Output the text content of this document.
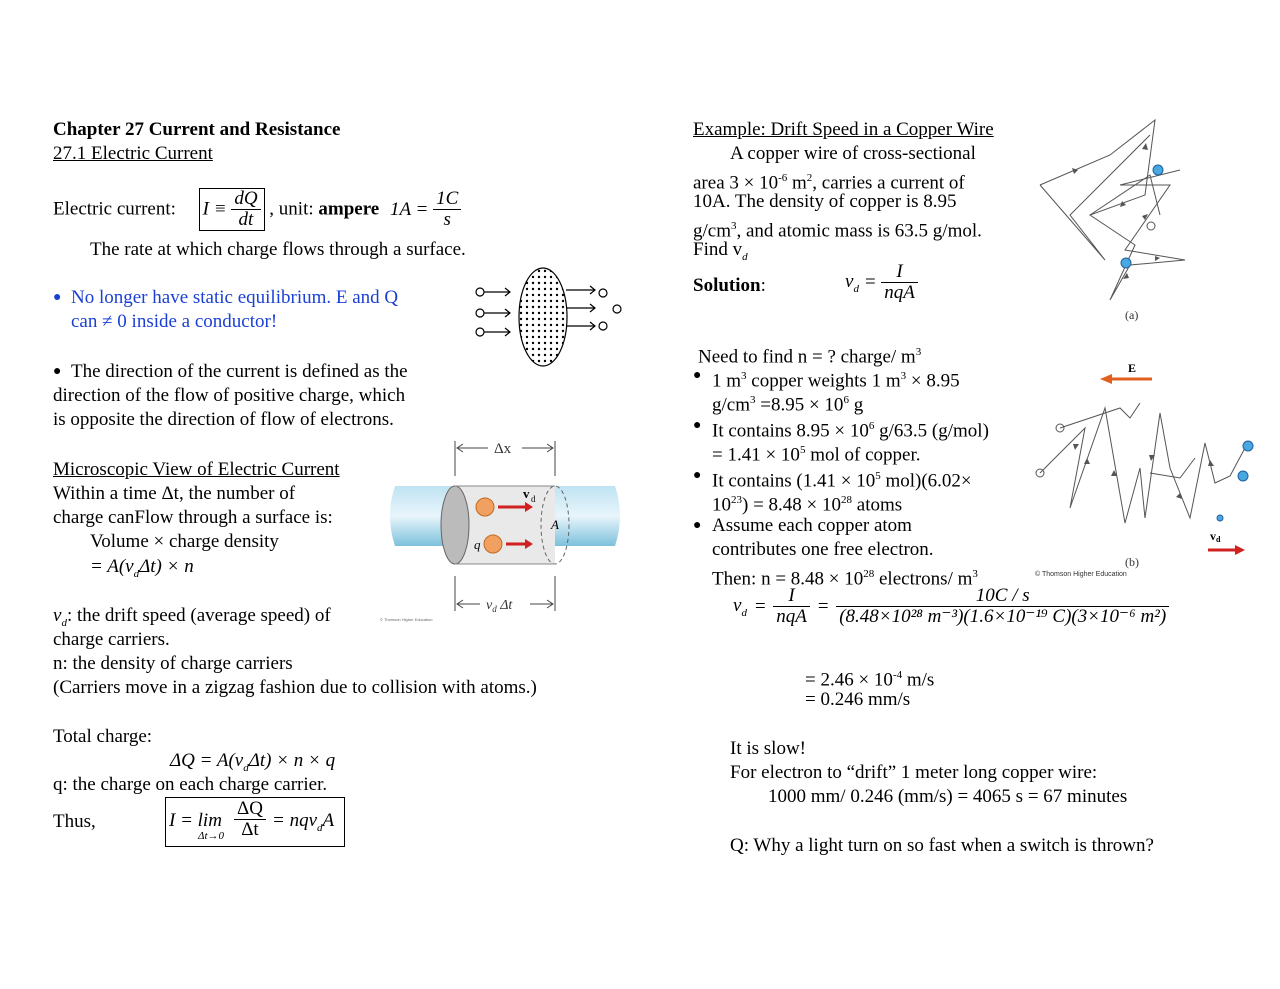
Chapter 27 Current and Resistance
27.1 Electric Current
Electric current: $I \equiv \frac{dQ}{dt}$ , unit: ampere $1A = \frac{1C}{s}$
The rate at which charge flows through a surface.
● No longer have static equilibrium. E and Q
can ≠ 0 inside a conductor!
● The direction of the current is defined as the
direction of the flow of positive charge, which
is opposite the direction of flow of electrons.
Microscopic View of Electric Current
Within a time Δt, the number of
charge canFlow through a surface is:
Volume × charge density
= $A(v_d\Delta t) \times n$
Δx
v d
A
q
$v_d$ Δt
© Thomson Higher Education
$v_d$: the drift speed (average speed) of
charge carriers.
n: the density of charge carriers
(Carriers move in a zigzag fashion due to collision with atoms.)
Total charge:
$\Delta Q = A(v_d\Delta t) \times n \times q$
q: the charge on each charge carrier.
Thus,	I = lim
$\Delta t\to 0 \frac{\Delta Q}{\Delta t} = nqv_dA$
Example: Drift Speed in a Copper Wire
A copper wire of cross-sectional
area $3 \times 10^{-6}$ $m^2$, carries a current of
10A. The density of copper is 8.95
$g/cm^3$, and atomic mass is 63.5 g/mol.
Find $v_d$
Solution:	$v_d = \frac{I}{\text{nqA}}$
Need to find n = ? charge/ $m^3$
● 1 $m^3$ copper weights 1 $m^3 \times 8.95$
$g/cm^3 =8.95 \times 10^6$ g
● It contains $8.95 \times 10^6$ g/63.5 (g/mol)
= $1.41 \times 10^5$ mol of copper.
● It contains ($1.41 \times 10^5$ mol)(6.02×
$10^{23}) = 8.48 \times 10^{28}$ atoms
● Assume each copper atom
contributes one free electron.
Then: $n = 8.48 \times 10^{28}$ electrons/ $m^3$
$v_d = \frac{I}{\text{nqA}} = \frac{10C / s}{\text{(8.48×10²⁸ m⁻³)(1.6×10⁻¹⁹ C)(3×10⁻⁶ m²)}}$
= $2.46 \times 10^{-4}$ m/s
= 0.246 mm/s
It is slow!
For electron to “drift” 1 meter long copper wire:
1000 mm/ 0.246 (mm/s) = 4065 s = 67 minutes
Q: Why a light turn on so fast when a switch is thrown?
(a)
E
vd
(b)
© Thomson Higher Education
